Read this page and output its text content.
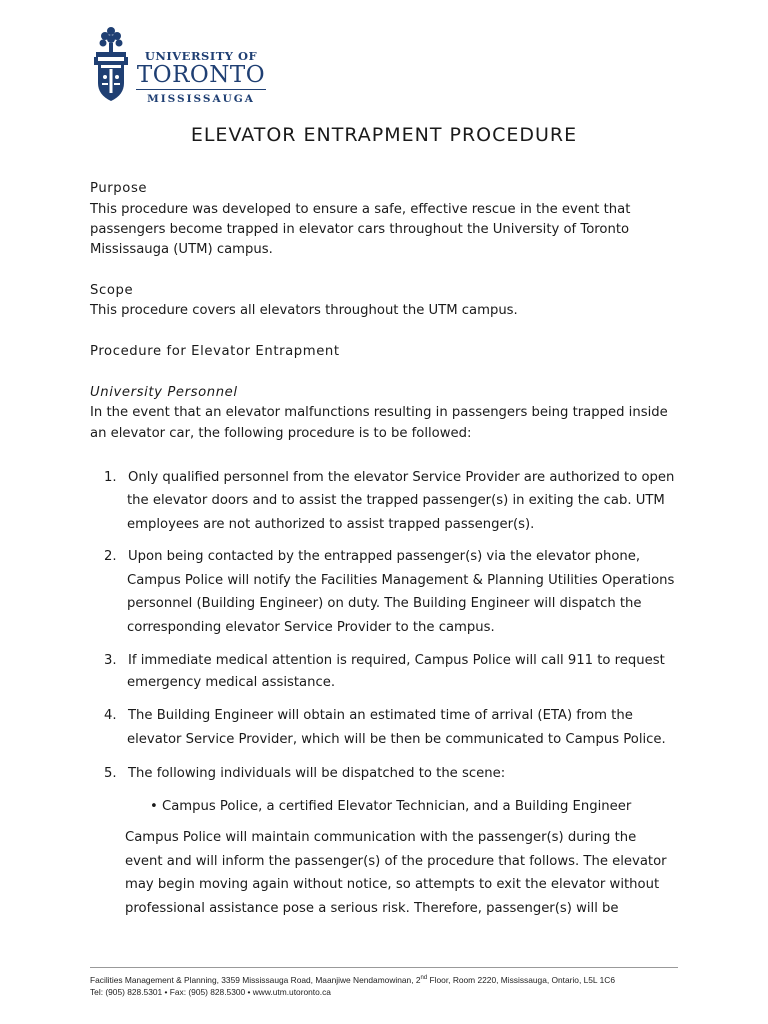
UNIVERSITY OF
TORONTO
MISSISSAUGA
ELEVATOR ENTRAPMENT PROCEDURE
Purpose
This procedure was developed to ensure a safe, effective rescue in the event that
passengers become trapped in elevator cars throughout the University of Toronto
Mississauga (UTM) campus.
Scope
This procedure covers all elevators throughout the UTM campus.
Procedure for Elevator Entrapment
University Personnel
In the event that an elevator malfunctions resulting in passengers being trapped inside
an elevator car, the following procedure is to be followed:
1. Only qualified personnel from the elevator Service Provider are authorized to open
the elevator doors and to assist the trapped passenger(s) in exiting the cab. UTM
employees are not authorized to assist trapped passenger(s).
2. Upon being contacted by the entrapped passenger(s) via the elevator phone,
Campus Police will notify the Facilities Management & Planning Utilities Operations
personnel (Building Engineer) on duty. The Building Engineer will dispatch the
corresponding elevator Service Provider to the campus.
3. If immediate medical attention is required, Campus Police will call 911 to request
emergency medical assistance.
4. The Building Engineer will obtain an estimated time of arrival (ETA) from the
elevator Service Provider, which will be then be communicated to Campus Police.
5. The following individuals will be dispatched to the scene:
• Campus Police, a certified Elevator Technician, and a Building Engineer
Campus Police will maintain communication with the passenger(s) during the
event and will inform the passenger(s) of the procedure that follows. The elevator
may begin moving again without notice, so attempts to exit the elevator without
professional assistance pose a serious risk. Therefore, passenger(s) will be
Facilities Management & Planning, 3359 Mississauga Road, Maanjiwe Nendamowinan, 2nd Floor, Room 2220, Mississauga, Ontario, L5L 1C6
Tel: (905) 828.5301 • Fax: (905) 828.5300 • www.utm.utoronto.ca
